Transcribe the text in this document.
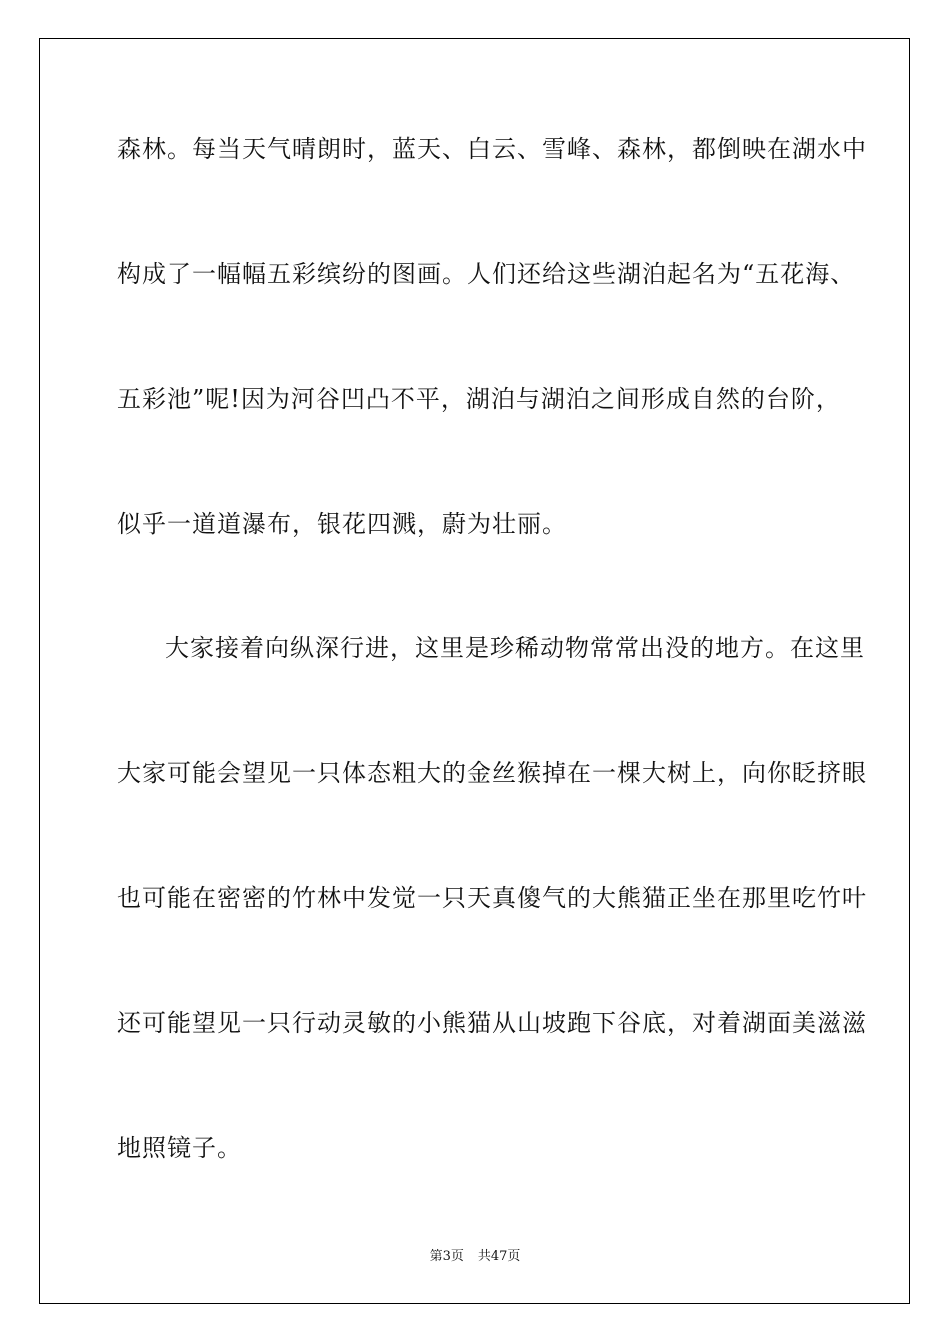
森林。每当天气晴朗时，蓝天、白云、雪峰、森林，都倒映在湖水中
构成了一幅幅五彩缤纷的图画。人们还给这些湖泊起名为“五花海、
五彩池”呢!因为河谷凹凸不平，湖泊与湖泊之间形成自然的台阶，
似乎一道道瀑布，银花四溅，蔚为壮丽。
大家接着向纵深行进，这里是珍稀动物常常出没的地方。在这里
大家可能会望见一只体态粗大的金丝猴掉在一棵大树上，向你眨挤眼
也可能在密密的竹林中发觉一只天真傻气的大熊猫正坐在那里吃竹叶
还可能望见一只行动灵敏的小熊猫从山坡跑下谷底，对着湖面美滋滋
地照镜子。
第3页 共47页
